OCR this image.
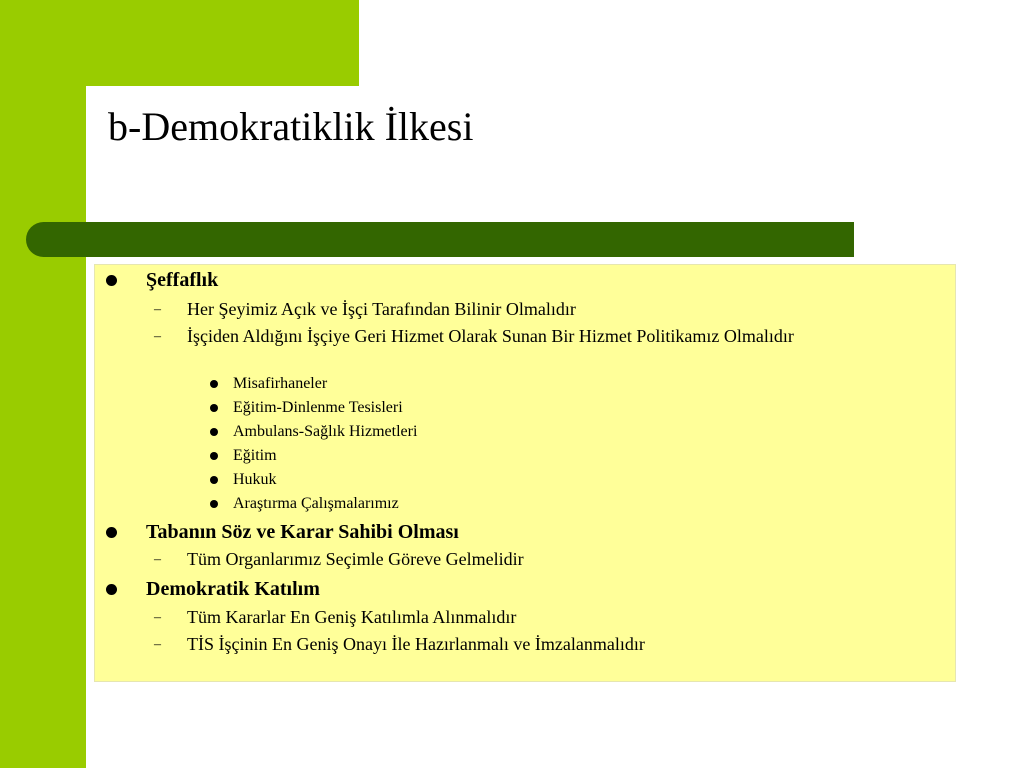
b-Demokratiklik İlkesi
Şeffaflık
–	Her Şeyimiz Açık ve İşçi Tarafından Bilinir Olmalıdır
–	İşçiden Aldığını İşçiye Geri Hizmet Olarak Sunan Bir Hizmet Politikamız Olmalıdır
Misafirhaneler
Eğitim-Dinlenme Tesisleri
Ambulans-Sağlık Hizmetleri
Eğitim
Hukuk
Araştırma Çalışmalarımız
Tabanın Söz ve Karar Sahibi Olması
–	Tüm Organlarımız Seçimle Göreve Gelmelidir
Demokratik Katılım
–	Tüm Kararlar En Geniş Katılımla Alınmalıdır
–	TİS İşçinin En Geniş Onayı İle Hazırlanmalı ve İmzalanmalıdır
